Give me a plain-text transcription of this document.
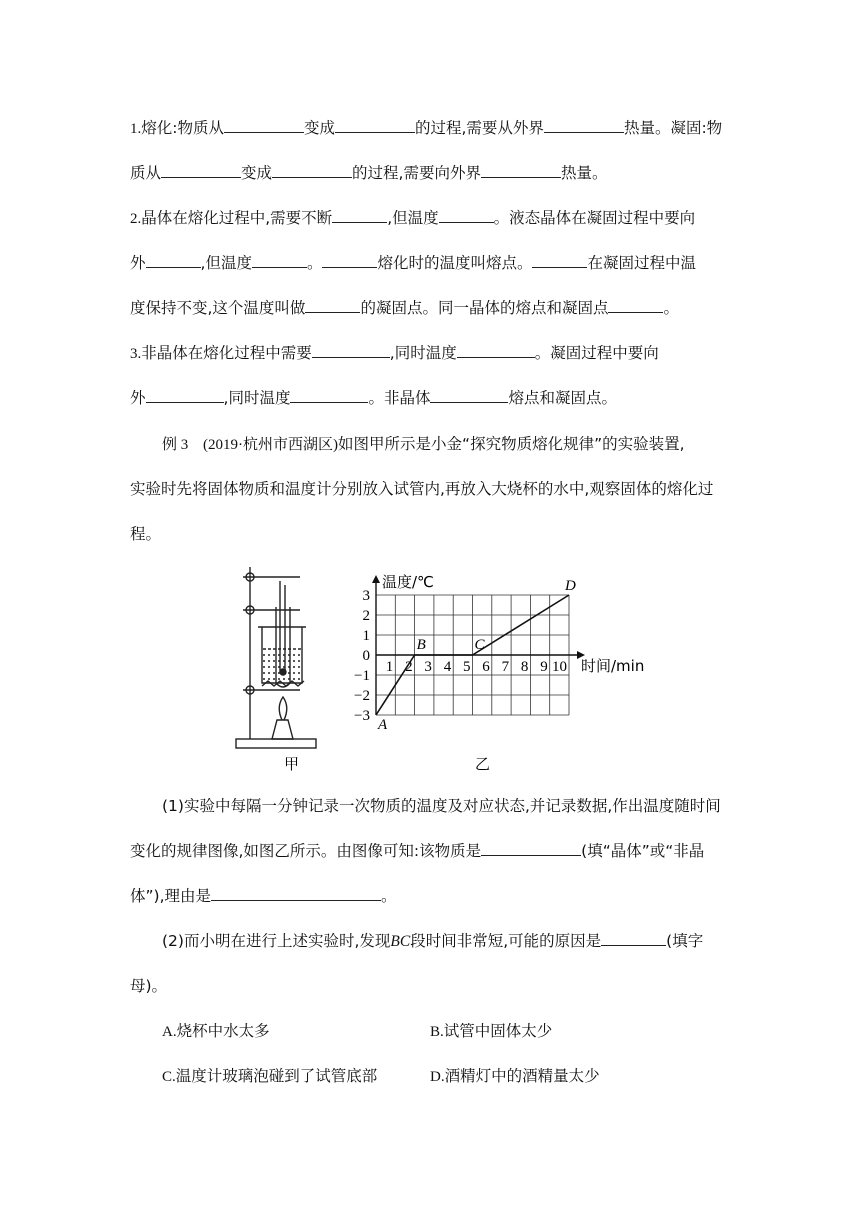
1.熔化:物质从	变成	的过程,需要从外界	热量。凝固:物
质从	变成	的过程,需要向外界	热量。
2.晶体在熔化过程中,需要不断	,但温度	。液态晶体在凝固过程中要向
外	,但温度	。	熔化时的温度叫熔点。	在凝固过程中温
度保持不变,这个温度叫做	的凝固点。同一晶体的熔点和凝固点	。
3.非晶体在熔化过程中需要	,同时温度	。凝固过程中要向
外	,同时温度	。非晶体	熔点和凝固点。
例 3 (2019·杭州市西湖区)如图甲所示是小金“探究物质熔化规律”的实验装置,
实验时先将固体物质和温度计分别放入试管内,再放入大烧杯的水中,观察固体的熔化过
程。
温度/℃
3
2
1
0
−1
−2
−3
1 2 3 4 5 6 7 8 9 10 时间/min
A
B	C
D
甲	乙
(1)实验中每隔一分钟记录一次物质的温度及对应状态,并记录数据,作出温度随时间
变化的规律图像,如图乙所示。由图像可知:该物质是	(填“晶体”或“非晶
体”),理由是	。
(2)而小明在进行上述实验时,发现BC段时间非常短,可能的原因是	(填字
母)。
A.烧杯中水太多	B.试管中固体太少
C.温度计玻璃泡碰到了试管底部	D.酒精灯中的酒精量太少
